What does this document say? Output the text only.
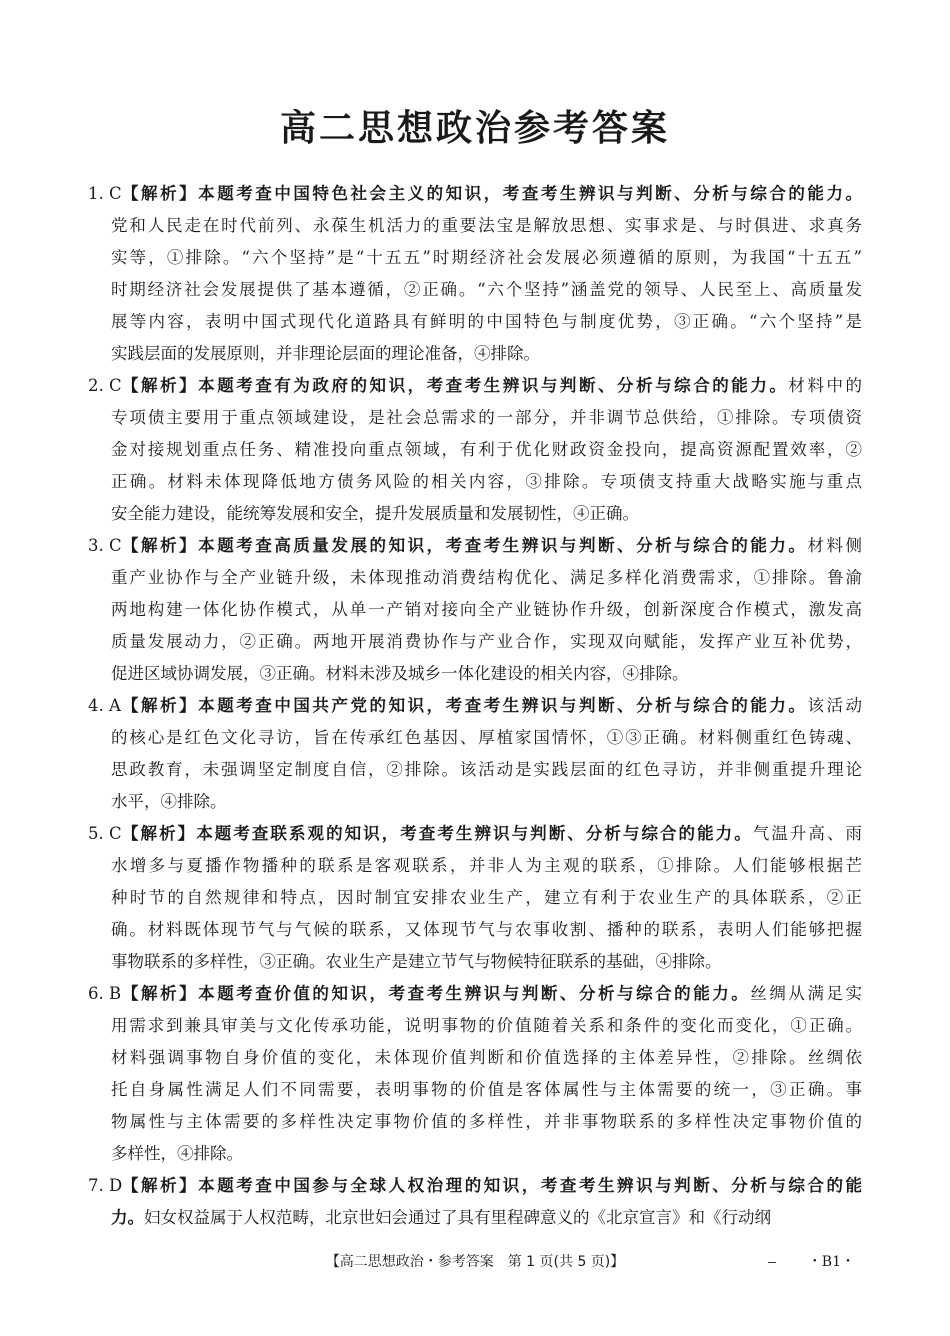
高二思想政治参考答案
1. C 【解析】本题考查中国特色社会主义的知识，考查考生辨识与判断、分析与综合的能力。
党和人民走在时代前列、永葆生机活力的重要法宝是解放思想、实事求是、与时俱进、求真务
实等，①排除。“六个坚持”是“十五五”时期经济社会发展必须遵循的原则，为我国“十五五”
时期经济社会发展提供了基本遵循，②正确。“六个坚持”涵盖党的领导、人民至上、高质量发
展等内容，表明中国式现代化道路具有鲜明的中国特色与制度优势，③正确。“六个坚持”是
实践层面的发展原则，并非理论层面的理论准备，④排除。
2. C 【解析】本题考查有为政府的知识，考查考生辨识与判断、分析与综合的能力。材料中的
专项债主要用于重点领域建设，是社会总需求的一部分，并非调节总供给，①排除。专项债资
金对接规划重点任务、精准投向重点领域，有利于优化财政资金投向，提高资源配置效率，②
正确。材料未体现降低地方债务风险的相关内容，③排除。专项债支持重大战略实施与重点
安全能力建设，能统筹发展和安全，提升发展质量和发展韧性，④正确。
3. C 【解析】本题考查高质量发展的知识，考查考生辨识与判断、分析与综合的能力。材料侧
重产业协作与全产业链升级，未体现推动消费结构优化、满足多样化消费需求，①排除。鲁渝
两地构建一体化协作模式，从单一产销对接向全产业链协作升级，创新深度合作模式，激发高
质量发展动力，②正确。两地开展消费协作与产业合作，实现双向赋能，发挥产业互补优势，
促进区域协调发展，③正确。材料未涉及城乡一体化建设的相关内容，④排除。
4. A 【解析】本题考查中国共产党的知识，考查考生辨识与判断、分析与综合的能力。该活动
的核心是红色文化寻访，旨在传承红色基因、厚植家国情怀，①③正确。材料侧重红色铸魂、
思政教育，未强调坚定制度自信，②排除。该活动是实践层面的红色寻访，并非侧重提升理论
水平，④排除。
5. C 【解析】本题考查联系观的知识，考查考生辨识与判断、分析与综合的能力。气温升高、雨
水增多与夏播作物播种的联系是客观联系，并非人为主观的联系，①排除。人们能够根据芒
种时节的自然规律和特点，因时制宜安排农业生产，建立有利于农业生产的具体联系，②正
确。材料既体现节气与气候的联系，又体现节气与农事收割、播种的联系，表明人们能够把握
事物联系的多样性，③正确。农业生产是建立节气与物候特征联系的基础，④排除。
6. B 【解析】本题考查价值的知识，考查考生辨识与判断、分析与综合的能力。丝绸从满足实
用需求到兼具审美与文化传承功能，说明事物的价值随着关系和条件的变化而变化，①正确。
材料强调事物自身价值的变化，未体现价值判断和价值选择的主体差异性，②排除。丝绸依
托自身属性满足人们不同需要，表明事物的价值是客体属性与主体需要的统一，③正确。事
物属性与主体需要的多样性决定事物价值的多样性，并非事物联系的多样性决定事物价值的
多样性，④排除。
7. D 【解析】本题考查中国参与全球人权治理的知识，考查考生辨识与判断、分析与综合的能
力。妇女权益属于人权范畴，北京世妇会通过了具有里程碑意义的《北京宣言》和《行动纲
【高二思想政治・参考答案　第 1 页(共 5 页)】	・B1・
